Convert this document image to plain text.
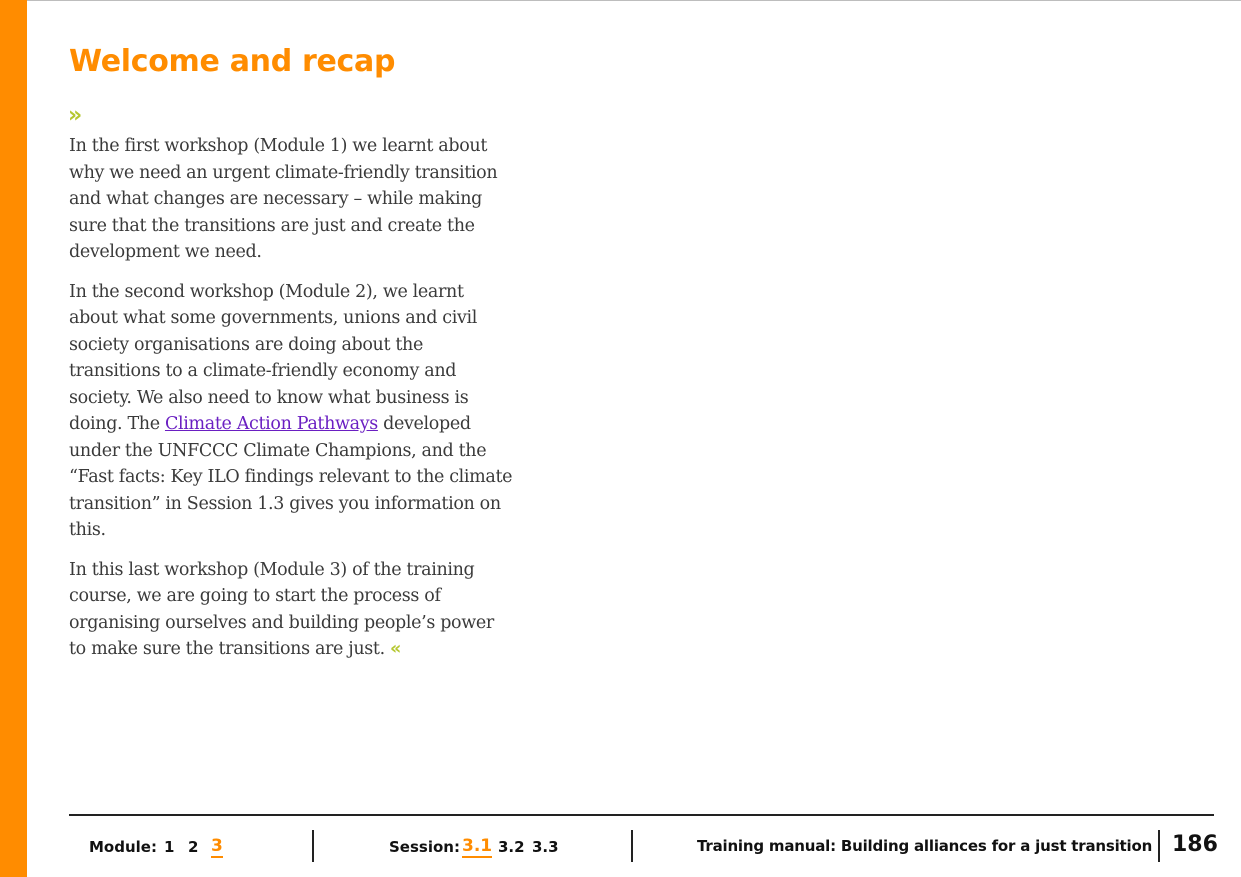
Welcome and recap
»

In the first workshop (Module 1) we learnt about why we need an urgent climate-friendly transition and what changes are necessary – while making sure that the transitions are just and create the development we need.

In the second workshop (Module 2), we learnt about what some governments, unions and civil society organisations are doing about the transitions to a climate-friendly economy and society. We also need to know what business is doing. The Climate Action Pathways developed under the UNFCCC Climate Champions, and the “Fast facts: Key ILO findings relevant to the climate transition” in Session 1.3 gives you information on this.

In this last workshop (Module 3) of the training course, we are going to start the process of organising ourselves and building people’s power to make sure the transitions are just. «

Module: 1 2 3	Session: 3.1 3.2 3.3	Training manual: Building alliances for a just transition 186
